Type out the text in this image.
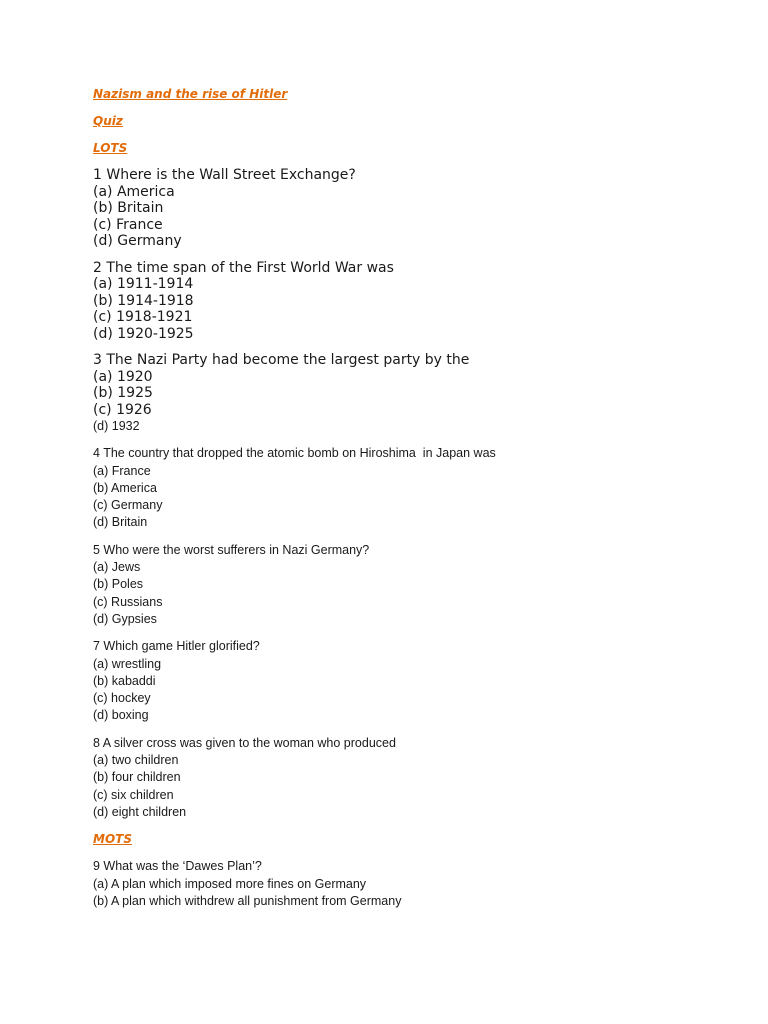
Nazism and the rise of Hitler
Quiz
LOTS
1 Where is the Wall Street Exchange?
(a) America
(b) Britain
(c) France
(d) Germany
2 The time span of the First World War was
(a) 1911-1914
(b) 1914-1918
(c) 1918-1921
(d) 1920-1925
3 The Nazi Party had become the largest party by the
(a) 1920
(b) 1925
(c) 1926
(d) 1932
4 The country that dropped the atomic bomb on Hiroshima  in Japan was
(a) France
(b) America
(c) Germany
(d) Britain
5 Who were the worst sufferers in Nazi Germany?
(a) Jews
(b) Poles
(c) Russians
(d) Gypsies
7 Which game Hitler glorified?
(a) wrestling
(b) kabaddi
(c) hockey
(d) boxing
8 A silver cross was given to the woman who produced
(a) two children
(b) four children
(c) six children
(d) eight children
MOTS
9 What was the ‘Dawes Plan’?
(a) A plan which imposed more fines on Germany
(b) A plan which withdrew all punishment from Germany
